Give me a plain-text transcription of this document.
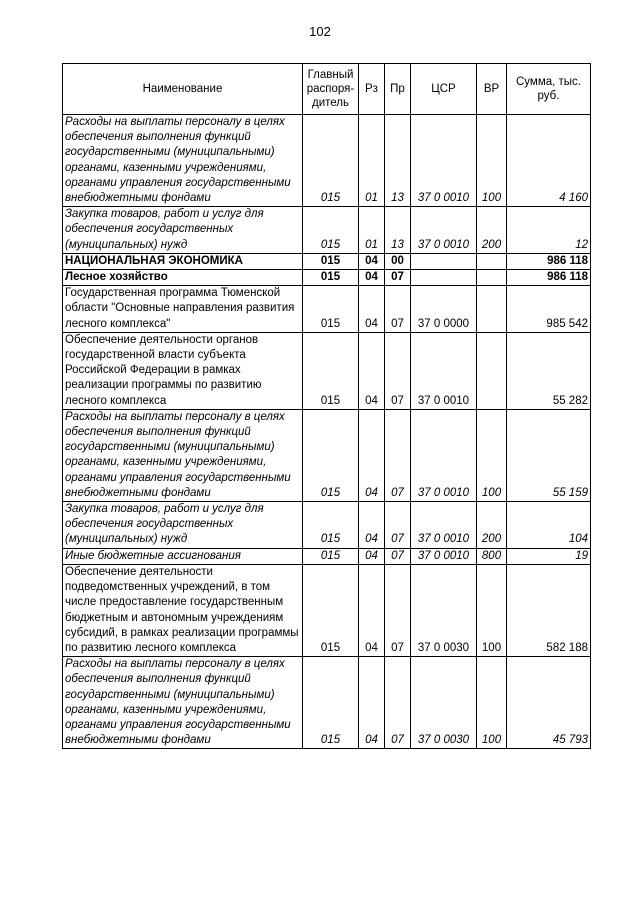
102
Наименование	Главный распоря-дитель	Рз	Пр	ЦСР	ВР	Сумма, тыс. руб.
Расходы на выплаты персоналу в целях обеспечения выполнения функций государственными (муниципальными) органами, казенными учреждениями, органами управления государственными внебюджетными фондами	015	01	13	37 0 0010	100	4 160
Закупка товаров, работ и услуг для обеспечения государственных (муниципальных) нужд	015	01	13	37 0 0010	200	12
НАЦИОНАЛЬНАЯ ЭКОНОМИКА	015	04	00			986 118
Лесное хозяйство	015	04	07			986 118
Государственная программа Тюменской области "Основные направления развития лесного комплекса"	015	04	07	37 0 0000		985 542
Обеспечение деятельности органов государственной власти субъекта Российской Федерации в рамках реализации программы по развитию лесного комплекса	015	04	07	37 0 0010		55 282
Расходы на выплаты персоналу в целях обеспечения выполнения функций государственными (муниципальными) органами, казенными учреждениями, органами управления государственными внебюджетными фондами	015	04	07	37 0 0010	100	55 159
Закупка товаров, работ и услуг для обеспечения государственных (муниципальных) нужд	015	04	07	37 0 0010	200	104
Иные бюджетные ассигнования	015	04	07	37 0 0010	800	19
Обеспечение деятельности подведомственных учреждений, в том числе предоставление государственным бюджетным и автономным учреждениям субсидий, в рамках реализации программы по развитию лесного комплекса	015	04	07	37 0 0030	100	582 188
Расходы на выплаты персоналу в целях обеспечения выполнения функций государственными (муниципальными) органами, казенными учреждениями, органами управления государственными внебюджетными фондами	015	04	07	37 0 0030	100	45 793
